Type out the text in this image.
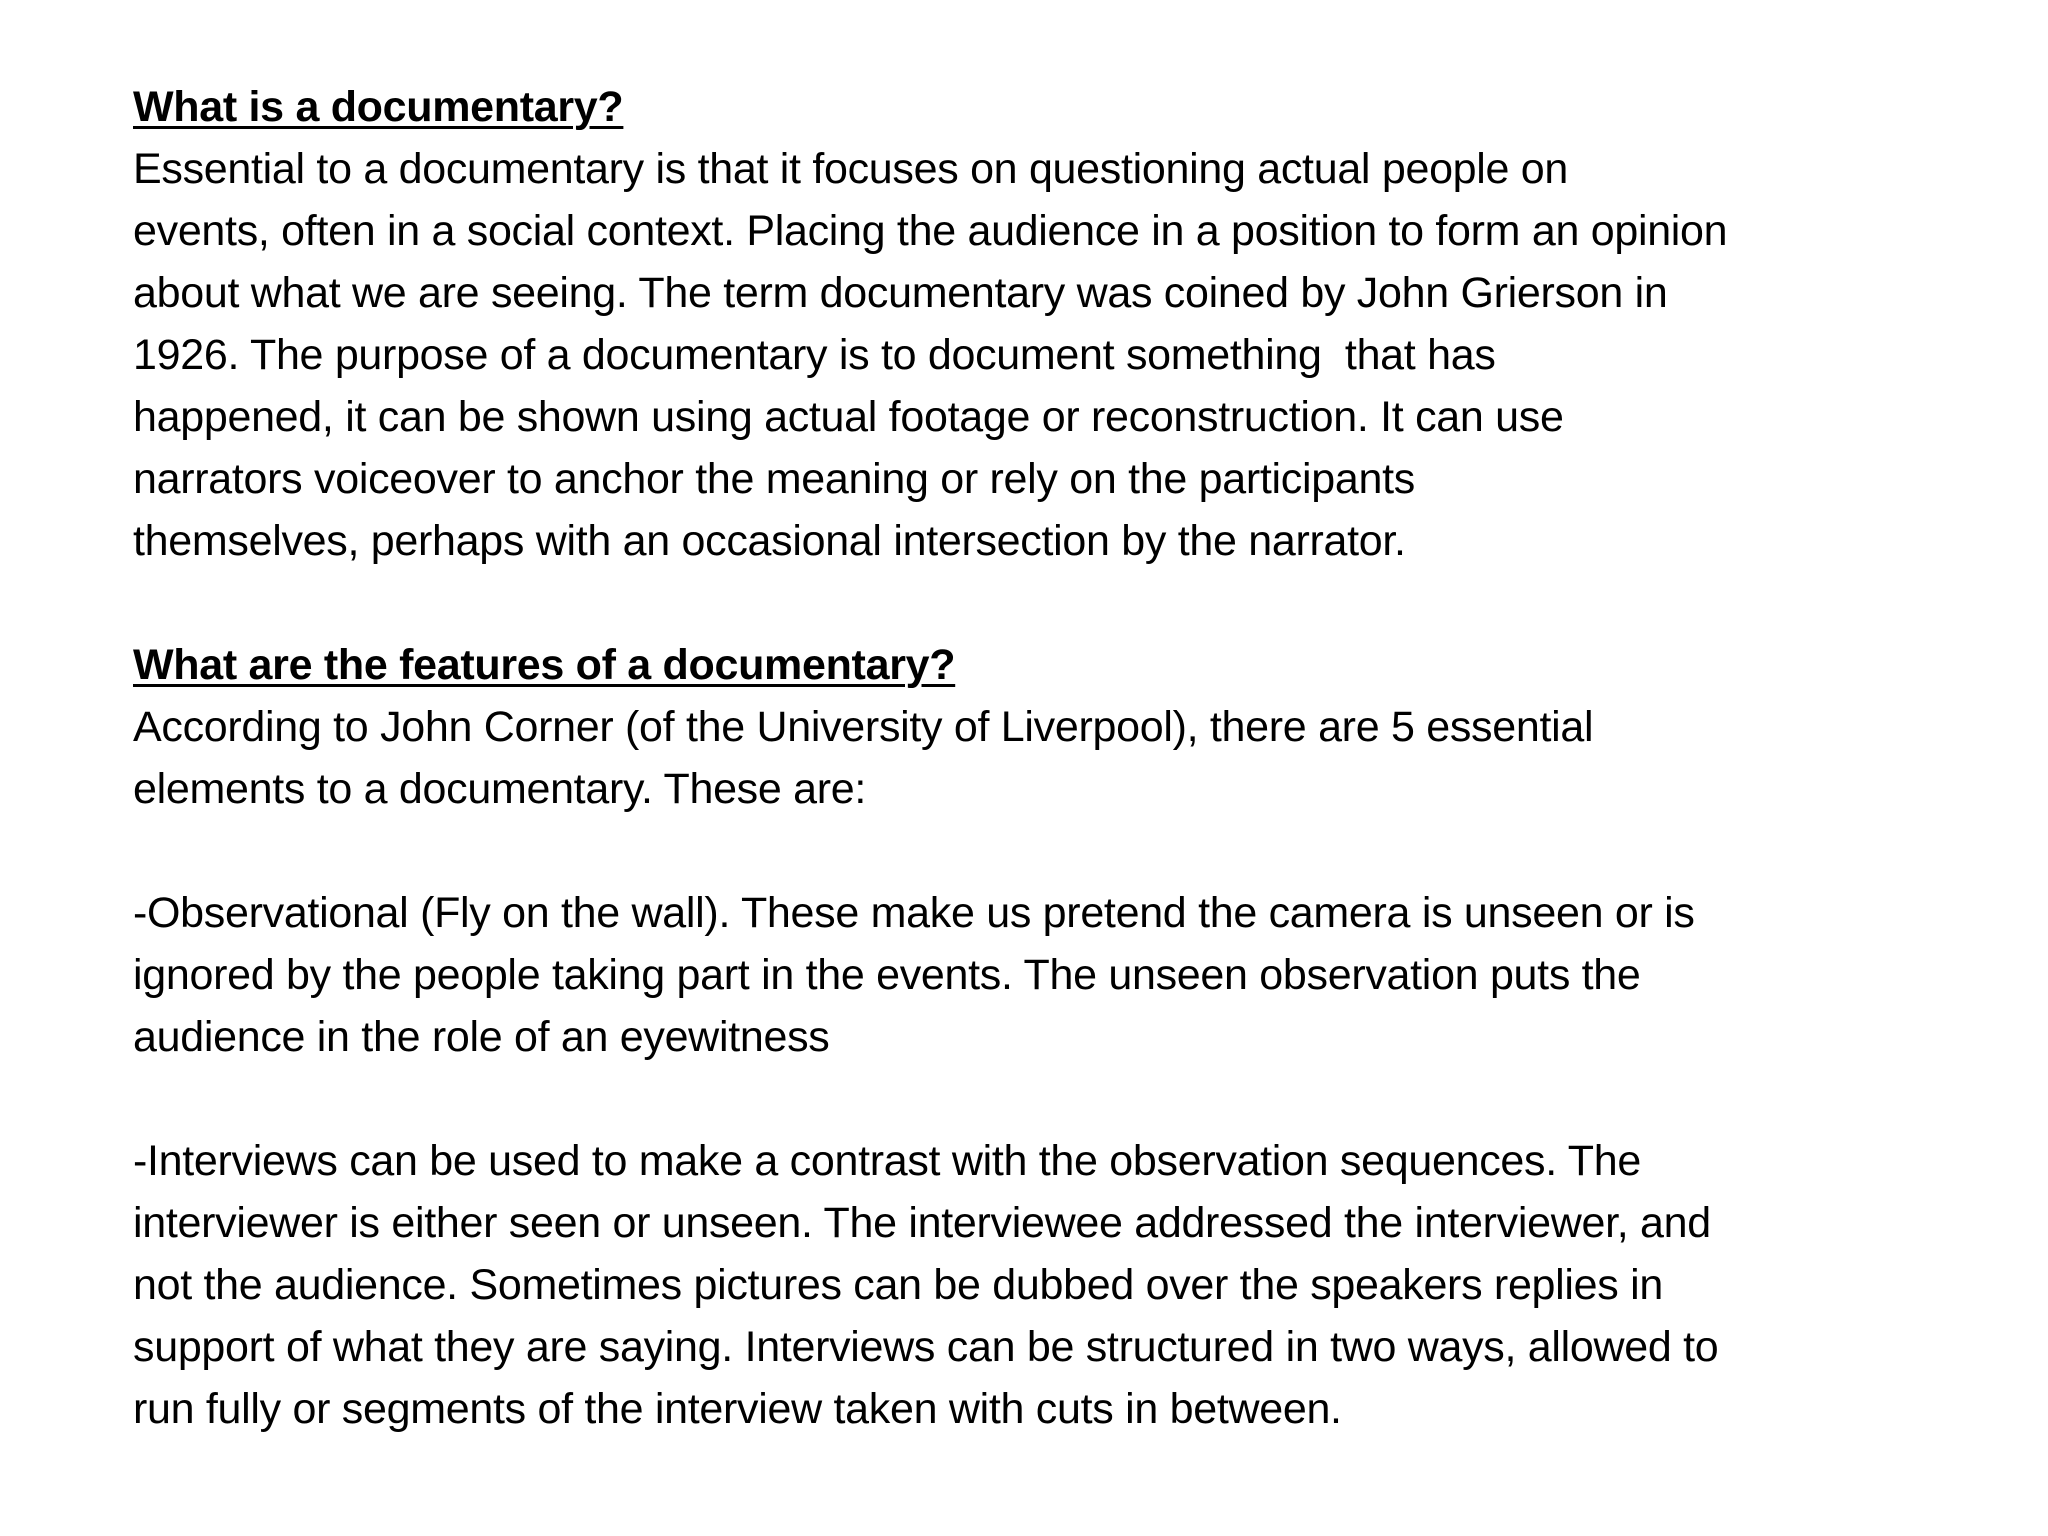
What is a documentary?
Essential to a documentary is that it focuses on questioning actual people on
events, often in a social context. Placing the audience in a position to form an opinion
about what we are seeing. The term documentary was coined by John Grierson in
1926. The purpose of a documentary is to document something  that has
happened, it can be shown using actual footage or reconstruction. It can use
narrators voiceover to anchor the meaning or rely on the participants
themselves, perhaps with an occasional intersection by the narrator.
What are the features of a documentary?
According to John Corner (of the University of Liverpool), there are 5 essential
elements to a documentary. These are:
-Observational (Fly on the wall). These make us pretend the camera is unseen or is
ignored by the people taking part in the events. The unseen observation puts the
audience in the role of an eyewitness
-Interviews can be used to make a contrast with the observation sequences. The
interviewer is either seen or unseen. The interviewee addressed the interviewer, and
not the audience. Sometimes pictures can be dubbed over the speakers replies in
support of what they are saying. Interviews can be structured in two ways, allowed to
run fully or segments of the interview taken with cuts in between.
